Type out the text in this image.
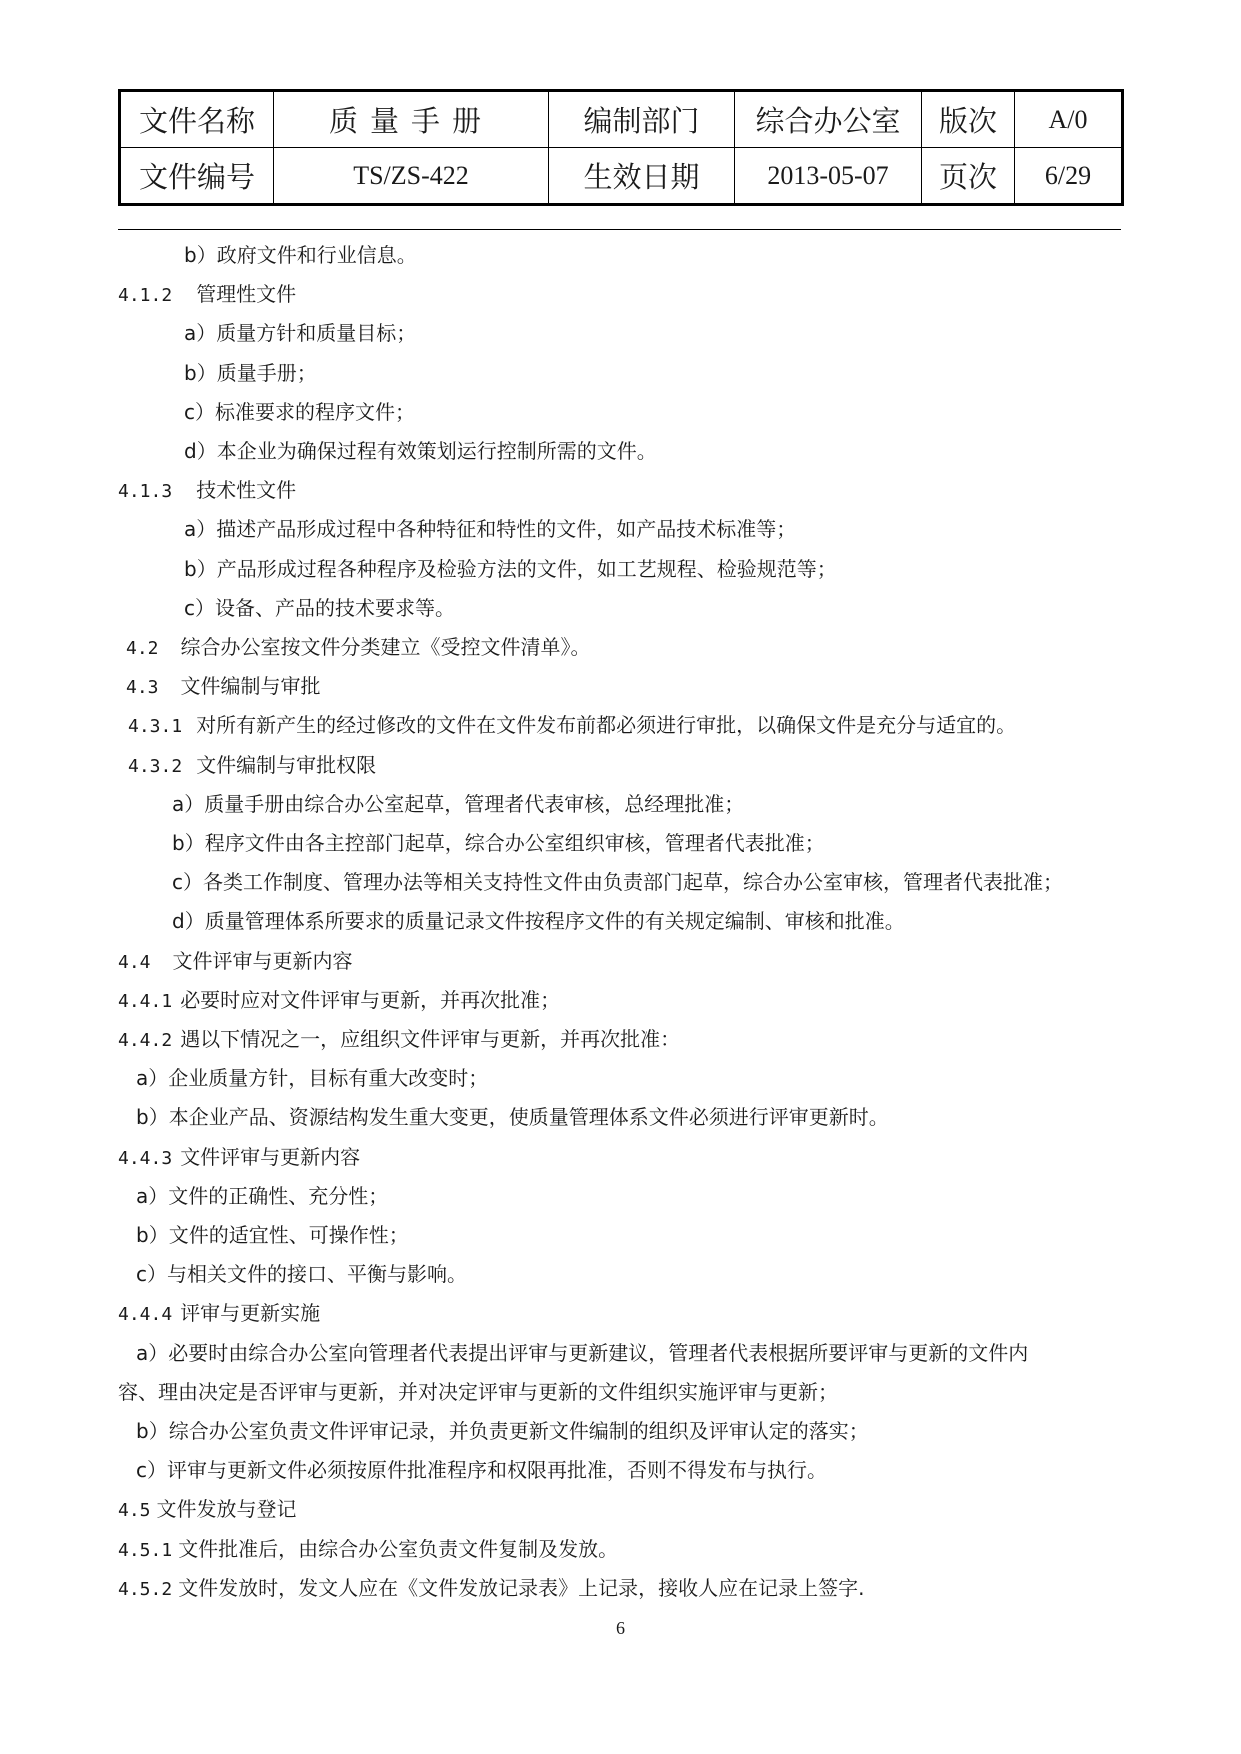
文件名称	质量手册	编制部门	综合办公室	版次	A/0
文件编号	TS/ZS-422	生效日期	2013-05-07	页次	6/29
b）政府文件和行业信息。
4.1.2 管理性文件
a）质量方针和质量目标；
b）质量手册；
c）标准要求的程序文件；
d）本企业为确保过程有效策划运行控制所需的文件。
4.1.3 技术性文件
a）描述产品形成过程中各种特征和特性的文件，如产品技术标准等；
b）产品形成过程各种程序及检验方法的文件，如工艺规程、检验规范等；
c）设备、产品的技术要求等。
4.2 综合办公室按文件分类建立《受控文件清单》。
4.3 文件编制与审批
4.3.1 对所有新产生的经过修改的文件在文件发布前都必须进行审批，以确保文件是充分与适宜的。
4.3.2 文件编制与审批权限
a）质量手册由综合办公室起草，管理者代表审核，总经理批准；
b）程序文件由各主控部门起草，综合办公室组织审核，管理者代表批准；
c）各类工作制度、管理办法等相关支持性文件由负责部门起草，综合办公室审核，管理者代表批准；
d）质量管理体系所要求的质量记录文件按程序文件的有关规定编制、审核和批准。
4.4 文件评审与更新内容
4.4.1 必要时应对文件评审与更新，并再次批准；
4.4.2 遇以下情况之一，应组织文件评审与更新，并再次批准：
a）企业质量方针，目标有重大改变时；
b）本企业产品、资源结构发生重大变更，使质量管理体系文件必须进行评审更新时。
4.4.3 文件评审与更新内容
a）文件的正确性、充分性；
b）文件的适宜性、可操作性；
c）与相关文件的接口、平衡与影响。
4.4.4 评审与更新实施
a）必要时由综合办公室向管理者代表提出评审与更新建议，管理者代表根据所要评审与更新的文件内
容、理由决定是否评审与更新，并对决定评审与更新的文件组织实施评审与更新；
b）综合办公室负责文件评审记录，并负责更新文件编制的组织及评审认定的落实；
c）评审与更新文件必须按原件批准程序和权限再批准，否则不得发布与执行。
4.5 文件发放与登记
4.5.1 文件批准后，由综合办公室负责文件复制及发放。
4.5.2 文件发放时，发文人应在《文件发放记录表》上记录，接收人应在记录上签字.
6
